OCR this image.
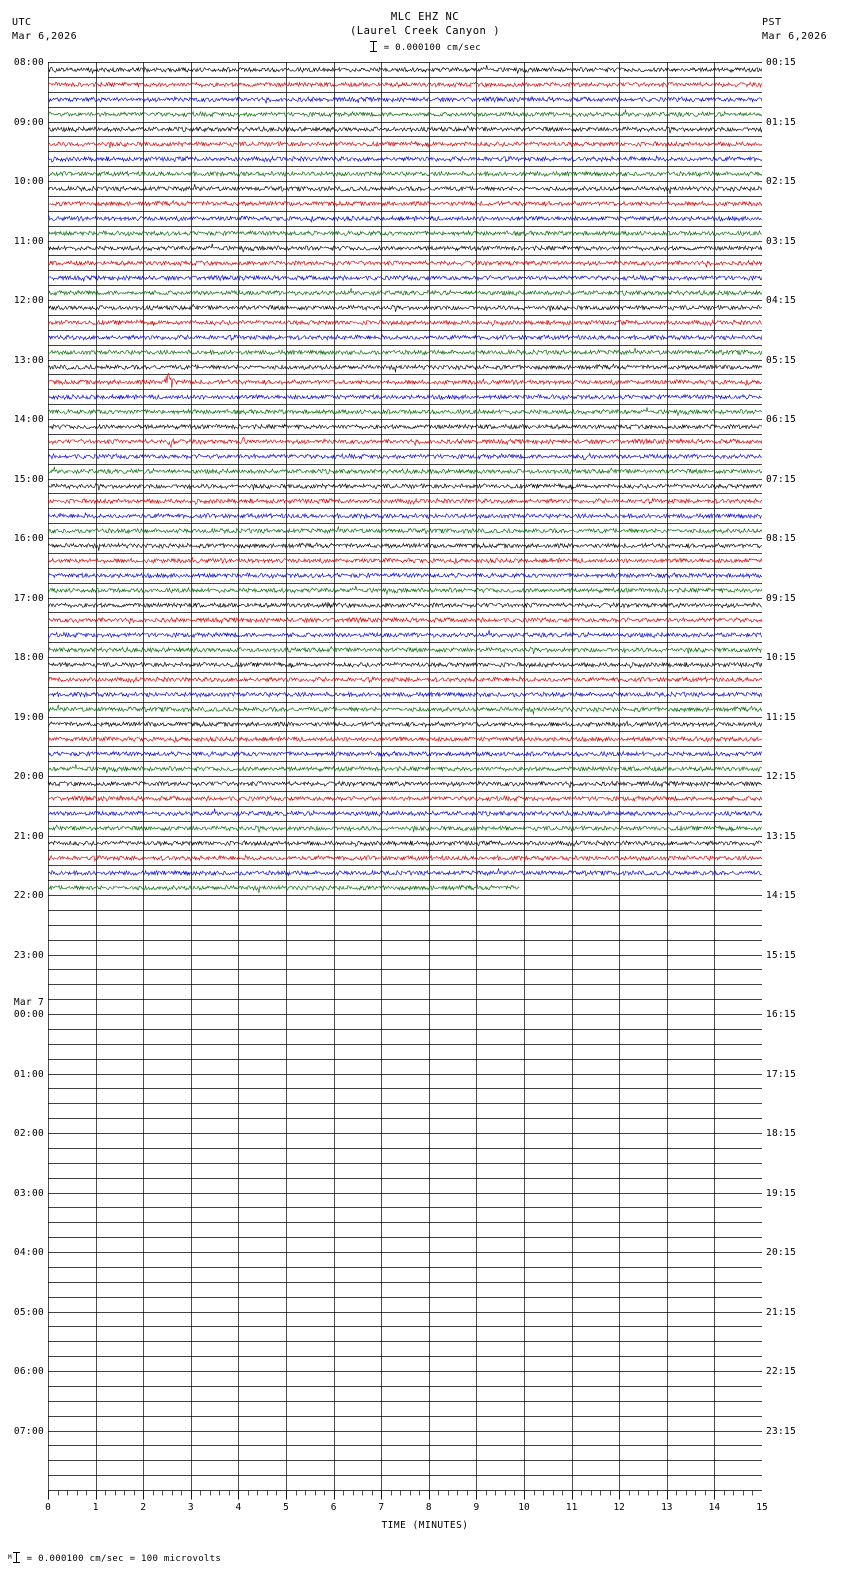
UTC
Mar 6,2026
MLC EHZ NC
(Laurel Creek Canyon )
PST
Mar 6,2026
= 0.000100 cm/sec
TIME (MINUTES)
$^M$ = 0.000100 cm/sec = 100 microvolts
08:00
09:00
10:00
11:00
12:00
13:00
14:00
15:00
16:00
17:00
18:00
19:00
20:00
21:00
22:00
23:00
Mar 7
00:00
01:00
02:00
03:00
04:00
05:00
06:00
07:00
00:15
01:15
02:15
03:15
04:15
05:15
06:15
07:15
08:15
09:15
10:15
11:15
12:15
13:15
14:15
15:15
16:15
17:15
18:15
19:15
20:15
21:15
22:15
23:15
0	1	2	3	4	5	6	7	8	9	10	11	12	13	14	15
